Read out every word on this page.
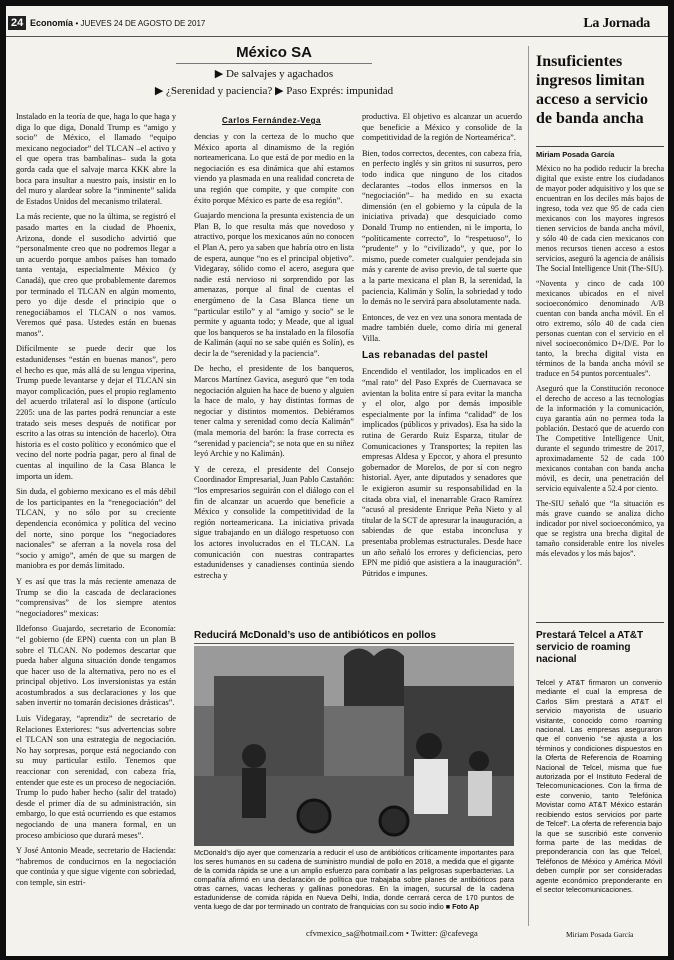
24 Economía • JUEVES 24 DE AGOSTO DE 2017	La Jornada
México SA
▶ De salvajes y agachados
▶ ¿Serenidad y paciencia? ▶ Paso Exprés: impunidad
Carlos Fernández-Vega

Instalado en la teoría de que, haga lo que haga y diga lo que diga, Donald Trump es “amigo y socio” de México, el llamado “equipo mexicano negociador” del TLCAN –el activo y el que opera tras bambalinas– suda la gota gorda cada que el salvaje marca KKK abre la boca para insultar a nuestro país, insistir en lo del muro y alardear sobre la “inminente” salida de Estados Unidos del mecanismo trilateral.

La más reciente, que no la última, se registró el pasado martes en la ciudad de Phoenix, Arizona, donde el susodicho advirtió que “personalmente creo que no podremos llegar a un acuerdo porque ambos países han tomado tanta ventaja, especialmente México (y Canadá), que creo que probablemente daremos por terminado el TLCAN en algún momento, pero yo dije desde el principio que o renegociábamos el TLCAN o nos vamos. Veremos qué pasa. Ustedes están en buenas manos”.

Difícilmente se puede decir que los estadunidenses “están en buenas manos”, pero el hecho es que, más allá de su lengua viperina, Trump puede levantarse y dejar el TLCAN sin mayor complicación, pues el propio reglamento del acuerdo trilateral así lo dispone (artículo 2205: una de las partes podrá renunciar a este tratado seis meses después de notificar por escrito a las otras su intención de hacerlo). Otra historia es el costo político y económico que el vecino del norte podría pagar, pero al final de cuentas al inquilino de la Casa Blanca le importa un ídem.

Sin duda, el gobierno mexicano es el más débil de los participantes en la “renegociación” del TLCAN, y no sólo por su creciente dependencia económica y política del vecino del norte, sino porque los “negociadores nacionales” se aferran a la novela rosa del “socio y amigo”, amén de que su margen de maniobra es por demás limitado.

Y es así que tras la más reciente amenaza de Trump se dio la cascada de declaraciones “comprensivas” de los siempre atentos “negociadores” mexicas:

Ildefonso Guajardo, secretario de Economía: “el gobierno (de EPN) cuenta con un plan B sobre el TLCAN. No podemos descartar que pueda haber alguna situación donde tengamos que hacer uso de la alternativa, pero no es el principal objetivo. Los inversionistas ya están acostumbrados a sus declaraciones y los que saben invertir no tomarán decisiones drásticas”.

Luis Videgaray, “aprendiz” de secretario de Relaciones Exteriores: “sus advertencias sobre el TLCAN son una estrategia de negociación. No hay sorpresas, porque está negociando con su muy particular estilo. Tenemos que reaccionar con serenidad, con cabeza fría, entender que este es un proceso de negociación. Trump lo pudo haber hecho (salir del tratado) desde el primer día de su administración, sin embargo, lo que está ocurriendo es que estamos negociando de una manera formal, en un proceso ambicioso que durará meses”.

Y José Antonio Meade, secretario de Hacienda: “habremos de conducirnos en la negociación que continúa y que sigue vigente con sobriedad, con temple, sin estri-

dencias y con la certeza de lo mucho que México aporta al dinamismo de la región norteamericana. Lo que está de por medio en la negociación es esa dinámica que ahí estamos viendo ya plasmada en una realidad concreta de una región que compite, y que compite con éxito porque México es parte de esa región”.

Guajardo menciona la presunta existencia de un Plan B, lo que resulta más que novedoso y atractivo, porque los mexicanos aún no conocen el Plan A, pero ya saben que habría otro en lista de espera, aunque “no es el principal objetivo”. Videgaray, sólido como el acero, asegura que nadie está nervioso ni sorprendido por las amenazas, porque al final de cuentas el energúmeno de la Casa Blanca tiene un “particular estilo” y al “amigo y socio” se le permite y aguanta todo; y Meade, que al igual que los banqueros se ha instalado en la filosofía de Kalimán (aquí no se sabe quién es Solín), es decir la de “serenidad y la paciencia”.

De hecho, el presidente de los banqueros, Marcos Martínez Gavica, aseguró que “en toda negociación alguien ha hace de bueno y alguien la hace de malo, y hay distintas formas de negociar y distintos momentos. Debiéramos tener calma y serenidad como decía Kalimán” (mala memoria del barón: la frase correcta es “serenidad y paciencia”; se nota que en su niñez leyó Archie y no Kalimán).

Y de cereza, el presidente del Consejo Coordinador Empresarial, Juan Pablo Castañón: “los empresarios seguirán con el diálogo con el fin de alcanzar un acuerdo que beneficie a México y consolide la competitividad de la región norteamericana. La iniciativa privada sigue trabajando en un diálogo respetuoso con los actores involucrados en el TLCAN. La comunicación con nuestras contrapartes estadunidenses y canadienses continúa siendo estrecha y

productiva. El objetivo es alcanzar un acuerdo que beneficie a México y consolide de la competitividad de la región de Norteamérica”.

Bien, todos correctos, decentes, con cabeza fría, en perfecto inglés y sin gritos ni susurros, pero todo indica que ninguno de los citados declarantes –todos ellos inmersos en la “negociación”– ha medido en su exacta dimensión (en el gobierno y la cúpula de la iniciativa privada) que desquiciado como Donald Trump no entienden, ni le importa, lo “políticamente correcto”, lo “respetuoso”, lo “prudente” y lo “civilizado”, y que, por lo mismo, puede cometer cualquier pendejada sin más y carente de aviso previo, de tal suerte que a la parte mexicana el plan B, la serenidad, la paciencia, Kalimán y Solín, la sobriedad y todo lo demás no le servirá para absolutamente nada.

Entonces, de vez en vez una sonora mentada de madre también duele, como diría mi general Villa.

Las rebanadas del pastel

Encendido el ventilador, los implicados en el “mal rato” del Paso Exprés de Cuernavaca se avientan la bolita entre sí para evitar la mancha y el olor, algo por demás imposible especialmente por la ínfima “calidad” de los implicados (públicos y privados). Esa ha sido la rutina de Gerardo Ruiz Esparza, titular de Comunicaciones y Transportes; la repiten las empresas Aldesa y Epccor, y ahora el presunto gobernador de Morelos, de por sí con negro historial. Ayer, ante diputados y senadores que le exigieron asumir su responsabilidad en la citada obra vial, el inenarrable Graco Ramírez “acusó al presidente Enrique Peña Nieto y al titular de la SCT de apresurar la inauguración, a sabiendas de que estaba inconclusa y presentaba problemas estructurales. Desde hace un año señaló los errores y deficiencias, pero EPN me pidió que asistiera a la inauguración”. Pútridos e impunes.

Reducirá McDonald’s uso de antibióticos en pollos
McDonald’s dijo ayer que comenzaría a reducir el uso de antibióticos críticamente importantes para los seres humanos en su cadena de suministro mundial de pollo en 2018, a medida que el gigante de la comida rápida se une a un amplio esfuerzo para combatir a las peligrosas superbacterias. La compañía afirmó en una declaración de política que trabajaba sobre planes de antibióticos para otras carnes, vacas lecheras y gallinas ponedoras. En la imagen, sucursal de la cadena estadunidense de comida rápida en Nueva Delhi, India, donde cerrará cerca de 170 puntos de venta luego de dar por terminado un contrato de franquicias con su socio indio ■ Foto Ap
cfvmexico_sa@hotmail.com • Twitter: @cafevega
Insuficientes ingresos limitan acceso a servicio de banda ancha
Miriam Posada García

México no ha podido reducir la brecha digital que existe entre los ciudadanos de mayor poder adquisitivo y los que se encuentran en los deciles más bajos de ingreso, toda vez que 95 de cada cien mexicanos con los mayores ingresos tienen servicios de banda ancha móvil, y sólo 40 de cada cien mexicanos con menos recursos tienen acceso a estos servicios, aseguró la agencia de análisis The Social Intelligence Unit (The-SIU).

“Noventa y cinco de cada 100 mexicanos ubicados en el nivel socioeconómico denominado A/B cuentan con banda ancha móvil. En el otro extremo, sólo 40 de cada cien personas cuentan con el servicio en el nivel socioeconómico D+/D/E. Por lo tanto, la brecha digital vista en términos de la banda ancha móvil se traduce en 54 puntos porcentuales”.

Aseguró que la Constitución reconoce el derecho de acceso a las tecnologías de la información y la comunicación, cuya garantía aún no permea toda la población. Destacó que de acuerdo con The Competitive Intelligence Unit, durante el segundo trimestre de 2017, aproximadamente 52 de cada 100 mexicanos contaban con banda ancha móvil, es decir, una penetración del servicio equivalente a 52.4 por ciento.

The-SIU señaló que “la situación es más grave cuando se analiza dicho indicador por nivel socioeconómico, ya que se registra una brecha digital de tamaño considerable entre los niveles más elevados y los más bajos”.

Prestará Telcel a AT&T servicio de roaming nacional
Telcel y AT&T firmaron un convenio mediante el cual la empresa de Carlos Slim prestará a AT&T el servicio mayorista de usuario visitante, conocido como roaming nacional. Las empresas aseguraron que el convenio “se ajusta a los términos y condiciones dispuestos en la Oferta de Referencia de Roaming Nacional de Telcel, misma que fue autorizada por el Instituto Federal de Telecomunicaciones. Con la firma de este convenio, tanto Telefónica Movistar como AT&T México estarán recibiendo estos servicios por parte de Telcel”. La oferta de referencia bajo la que se suscribió este convenio forma parte de las medidas de preponderancia con las que Telcel, Teléfonos de México y América Móvil deben cumplir por ser consideradas agente económico preponderante en el sector telecomunicaciones.
Miriam Posada García
